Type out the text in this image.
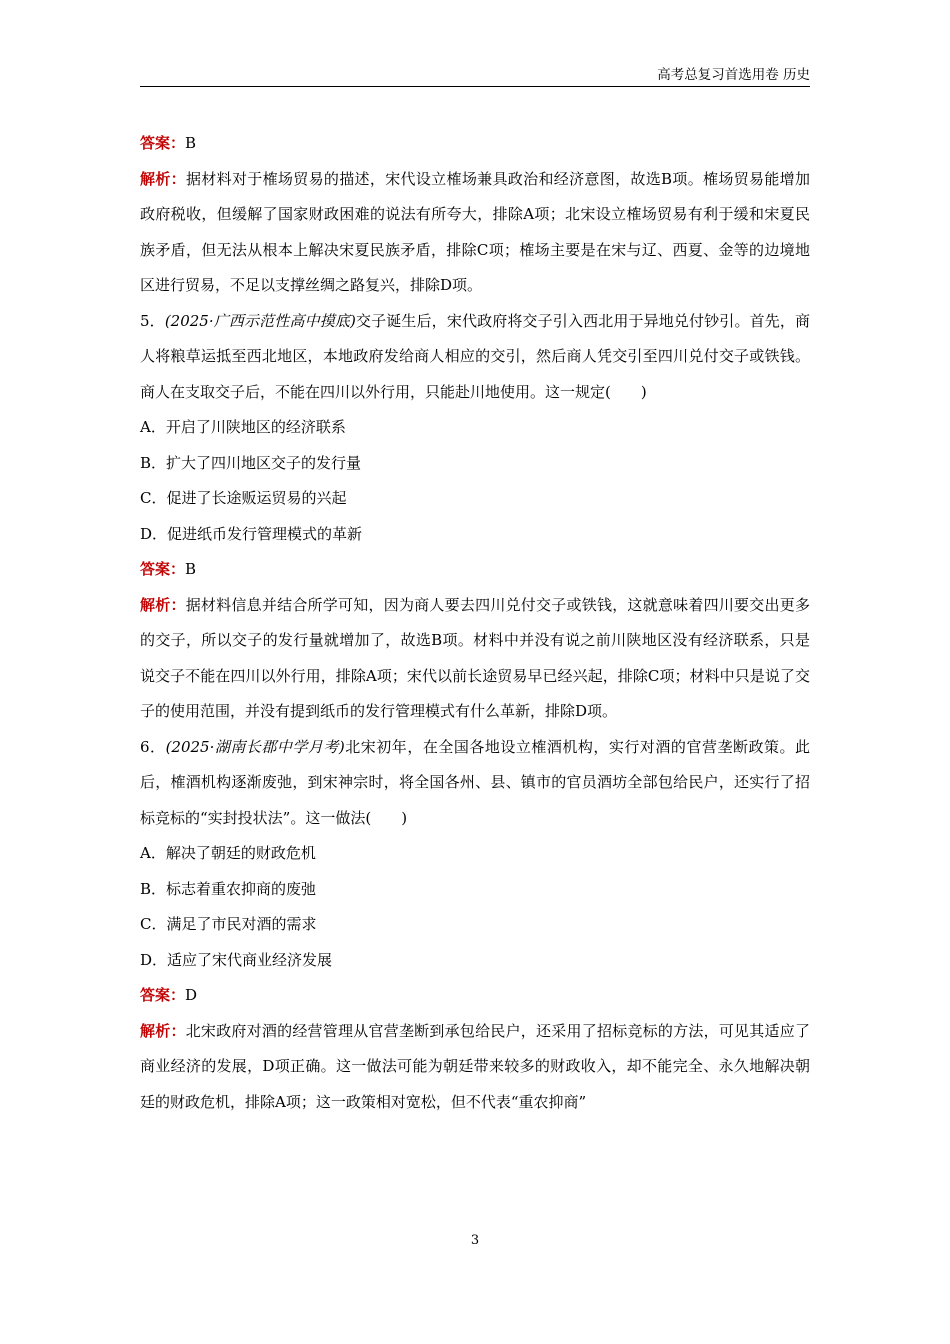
高考总复习首选用卷 历史

答案：B

解析：据材料对于榷场贸易的描述，宋代设立榷场兼具政治和经济意图，故选B项。榷场贸易能增加政府税收，但缓解了国家财政困难的说法有所夸大，排除A项；北宋设立榷场贸易有利于缓和宋夏民族矛盾，但无法从根本上解决宋夏民族矛盾，排除C项；榷场主要是在宋与辽、西夏、金等的边境地区进行贸易，不足以支撑丝绸之路复兴，排除D项。

5．(2025·广西示范性高中摸底)交子诞生后，宋代政府将交子引入西北用于异地兑付钞引。首先，商人将粮草运抵至西北地区，本地政府发给商人相应的交引，然后商人凭交引至四川兑付交子或铁钱。商人在支取交子后，不能在四川以外行用，只能赴川地使用。这一规定(　　)

A．开启了川陕地区的经济联系

B．扩大了四川地区交子的发行量

C．促进了长途贩运贸易的兴起

D．促进纸币发行管理模式的革新

答案：B

解析：据材料信息并结合所学可知，因为商人要去四川兑付交子或铁钱，这就意味着四川要交出更多的交子，所以交子的发行量就增加了，故选B项。材料中并没有说之前川陕地区没有经济联系，只是说交子不能在四川以外行用，排除A项；宋代以前长途贸易早已经兴起，排除C项；材料中只是说了交子的使用范围，并没有提到纸币的发行管理模式有什么革新，排除D项。

6．(2025·湖南长郡中学月考)北宋初年，在全国各地设立榷酒机构，实行对酒的官营垄断政策。此后，榷酒机构逐渐废弛，到宋神宗时，将全国各州、县、镇市的官员酒坊全部包给民户，还实行了招标竞标的“实封投状法”。这一做法(　　)

A．解决了朝廷的财政危机

B．标志着重农抑商的废弛

C．满足了市民对酒的需求

D．适应了宋代商业经济发展

答案：D

解析：北宋政府对酒的经营管理从官营垄断到承包给民户，还采用了招标竞标的方法，可见其适应了商业经济的发展，D项正确。这一做法可能为朝廷带来较多的财政收入，却不能完全、永久地解决朝廷的财政危机，排除A项；这一政策相对宽松，但不代表“重农抑商”

3
